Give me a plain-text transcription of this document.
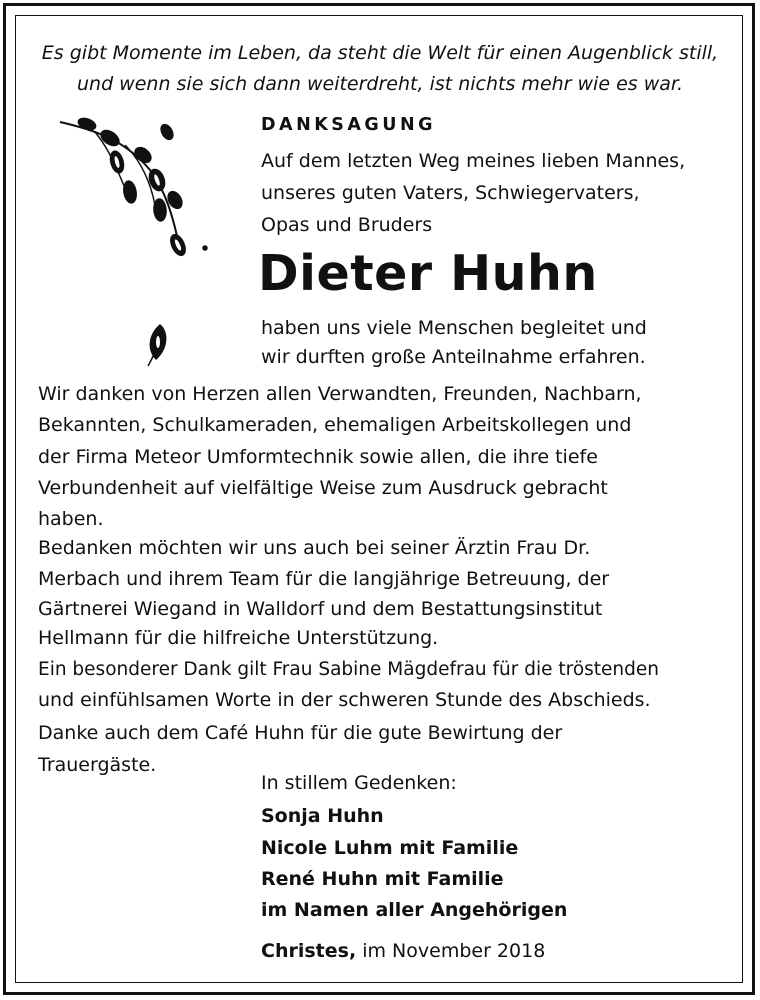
Es gibt Momente im Leben, da steht die Welt für einen Augenblick still,
und wenn sie sich dann weiterdreht, ist nichts mehr wie es war.
DANKSAGUNG
Auf dem letzten Weg meines lieben Mannes,
unseres guten Vaters, Schwiegervaters,
Opas und Bruders
Dieter Huhn
haben uns viele Menschen begleitet und
wir durften große Anteilnahme erfahren.
Wir danken von Herzen allen Verwandten, Freunden, Nachbarn,
Bekannten, Schulkameraden, ehemaligen Arbeitskollegen und
der Firma Meteor Umformtechnik sowie allen, die ihre tiefe
Verbundenheit auf vielfältige Weise zum Ausdruck gebracht
haben.
Bedanken möchten wir uns auch bei seiner Ärztin Frau Dr.
Merbach und ihrem Team für die langjährige Betreuung, der
Gärtnerei Wiegand in Walldorf und dem Bestattungsinstitut
Hellmann für die hilfreiche Unterstützung.
Ein besonderer Dank gilt Frau Sabine Mägdefrau für die tröstenden
und einfühlsamen Worte in der schweren Stunde des Abschieds.
Danke auch dem Café Huhn für die gute Bewirtung der
Trauergäste.
In stillem Gedenken:
Sonja Huhn
Nicole Luhm mit Familie
René Huhn mit Familie
im Namen aller Angehörigen
Christes, im November 2018
